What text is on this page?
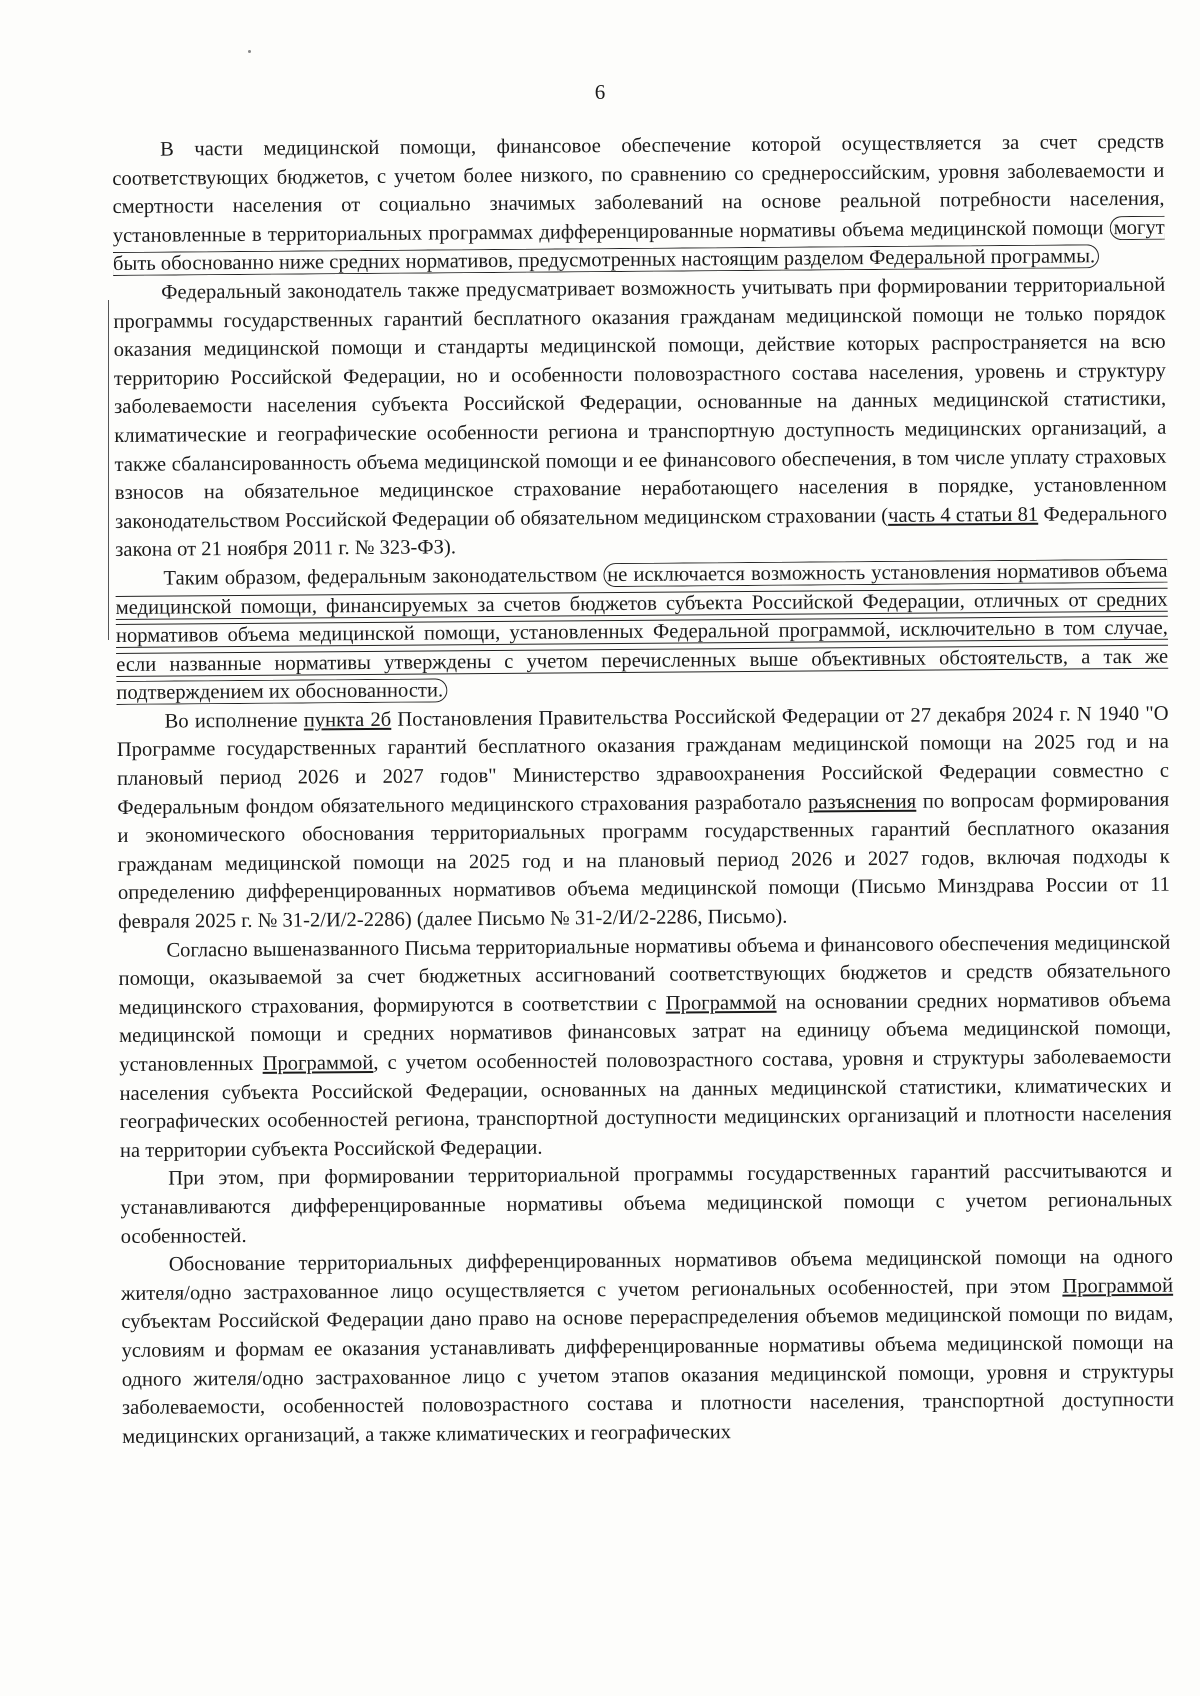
6

В части медицинской помощи, финансовое обеспечение которой осуществляется за счет средств соответствующих бюджетов, с учетом более низкого, по сравнению со среднероссийским, уровня заболеваемости и смертности населения от социально значимых заболеваний на основе реальной потребности населения, установленные в территориальных программах дифференцированные нормативы объема медицинской помощи могут быть обоснованно ниже средних нормативов, предусмотренных настоящим разделом Федеральной программы.

Федеральный законодатель также предусматривает возможность учитывать при формировании территориальной программы государственных гарантий бесплатного оказания гражданам медицинской помощи не только порядок оказания медицинской помощи и стандарты медицинской помощи, действие которых распространяется на всю территорию Российской Федерации, но и особенности половозрастного состава населения, уровень и структуру заболеваемости населения субъекта Российской Федерации, основанные на данных медицинской статистики, климатические и географические особенности региона и транспортную доступность медицинских организаций, а также сбалансированность объема медицинской помощи и ее финансового обеспечения, в том числе уплату страховых взносов на обязательное медицинское страхование неработающего населения в порядке, установленном законодательством Российской Федерации об обязательном медицинском страховании (часть 4 статьи 81 Федерального закона от 21 ноября 2011 г. № 323-ФЗ).

Таким образом, федеральным законодательством не исключается возможность установления нормативов объема медицинской помощи, финансируемых за счетов бюджетов субъекта Российской Федерации, отличных от средних нормативов объема медицинской помощи, установленных Федеральной программой, исключительно в том случае, если названные нормативы утверждены с учетом перечисленных выше объективных обстоятельств, а так же подтверждением их обоснованности.

Во исполнение пункта 2б Постановления Правительства Российской Федерации от 27 декабря 2024 г. N 1940 "О Программе государственных гарантий бесплатного оказания гражданам медицинской помощи на 2025 год и на плановый период 2026 и 2027 годов" Министерство здравоохранения Российской Федерации совместно с Федеральным фондом обязательного медицинского страхования разработало разъяснения по вопросам формирования и экономического обоснования территориальных программ государственных гарантий бесплатного оказания гражданам медицинской помощи на 2025 год и на плановый период 2026 и 2027 годов, включая подходы к определению дифференцированных нормативов объема медицинской помощи (Письмо Минздрава России от 11 февраля 2025 г. № 31-2/И/2-2286) (далее Письмо № 31-2/И/2-2286, Письмо).

Согласно вышеназванного Письма территориальные нормативы объема и финансового обеспечения медицинской помощи, оказываемой за счет бюджетных ассигнований соответствующих бюджетов и средств обязательного медицинского страхования, формируются в соответствии с Программой на основании средних нормативов объема медицинской помощи и средних нормативов финансовых затрат на единицу объема медицинской помощи, установленных Программой, с учетом особенностей половозрастного состава, уровня и структуры заболеваемости населения субъекта Российской Федерации, основанных на данных медицинской статистики, климатических и географических особенностей региона, транспортной доступности медицинских организаций и плотности населения на территории субъекта Российской Федерации.

При этом, при формировании территориальной программы государственных гарантий рассчитываются и устанавливаются дифференцированные нормативы объема медицинской помощи с учетом региональных особенностей.

Обоснование территориальных дифференцированных нормативов объема медицинской помощи на одного жителя/одно застрахованное лицо осуществляется с учетом региональных особенностей, при этом Программой субъектам Российской Федерации дано право на основе перераспределения объемов медицинской помощи по видам, условиям и формам ее оказания устанавливать дифференцированные нормативы объема медицинской помощи на одного жителя/одно застрахованное лицо с учетом этапов оказания медицинской помощи, уровня и структуры заболеваемости, особенностей половозрастного состава и плотности населения, транспортной доступности медицинских организаций, а также климатических и географических
